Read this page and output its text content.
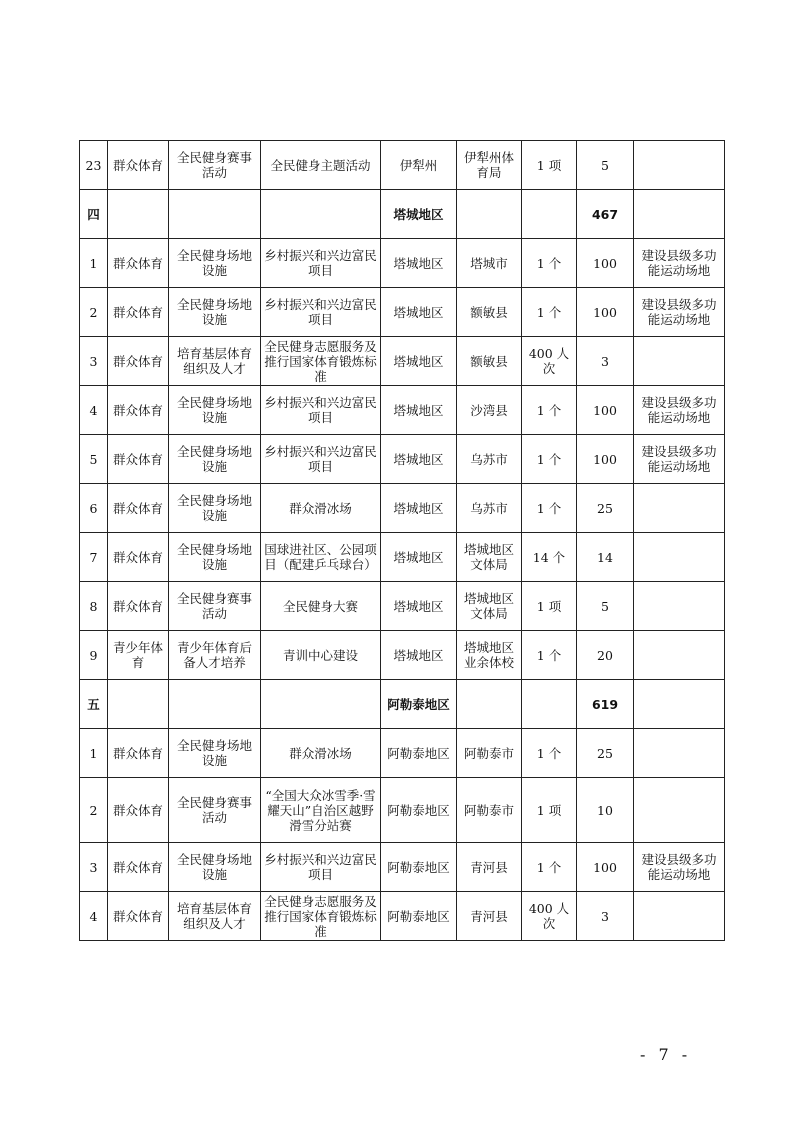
23	群众体育	全民健身赛事活动	全民健身主题活动	伊犁州	伊犁州体育局	1 项	5	
四				塔城地区			467	
1	群众体育	全民健身场地设施	乡村振兴和兴边富民项目	塔城地区	塔城市	1 个	100	建设县级多功能运动场地
2	群众体育	全民健身场地设施	乡村振兴和兴边富民项目	塔城地区	额敏县	1 个	100	建设县级多功能运动场地
3	群众体育	培育基层体育组织及人才	全民健身志愿服务及推行国家体育锻炼标准	塔城地区	额敏县	400 人次	3	
4	群众体育	全民健身场地设施	乡村振兴和兴边富民项目	塔城地区	沙湾县	1 个	100	建设县级多功能运动场地
5	群众体育	全民健身场地设施	乡村振兴和兴边富民项目	塔城地区	乌苏市	1 个	100	建设县级多功能运动场地
6	群众体育	全民健身场地设施	群众滑冰场	塔城地区	乌苏市	1 个	25	
7	群众体育	全民健身场地设施	国球进社区、公园项目（配建乒乓球台）	塔城地区	塔城地区文体局	14 个	14	
8	群众体育	全民健身赛事活动	全民健身大赛	塔城地区	塔城地区文体局	1 项	5	
9	青少年体育	青少年体育后备人才培养	青训中心建设	塔城地区	塔城地区业余体校	1 个	20	
五				阿勒泰地区			619	
1	群众体育	全民健身场地设施	群众滑冰场	阿勒泰地区	阿勒泰市	1 个	25	
2	群众体育	全民健身赛事活动	“全国大众冰雪季·雪耀天山”自治区越野滑雪分站赛	阿勒泰地区	阿勒泰市	1 项	10	
3	群众体育	全民健身场地设施	乡村振兴和兴边富民项目	阿勒泰地区	青河县	1 个	100	建设县级多功能运动场地
4	群众体育	培育基层体育组织及人才	全民健身志愿服务及推行国家体育锻炼标准	阿勒泰地区	青河县	400 人次	3	
- 7 -
